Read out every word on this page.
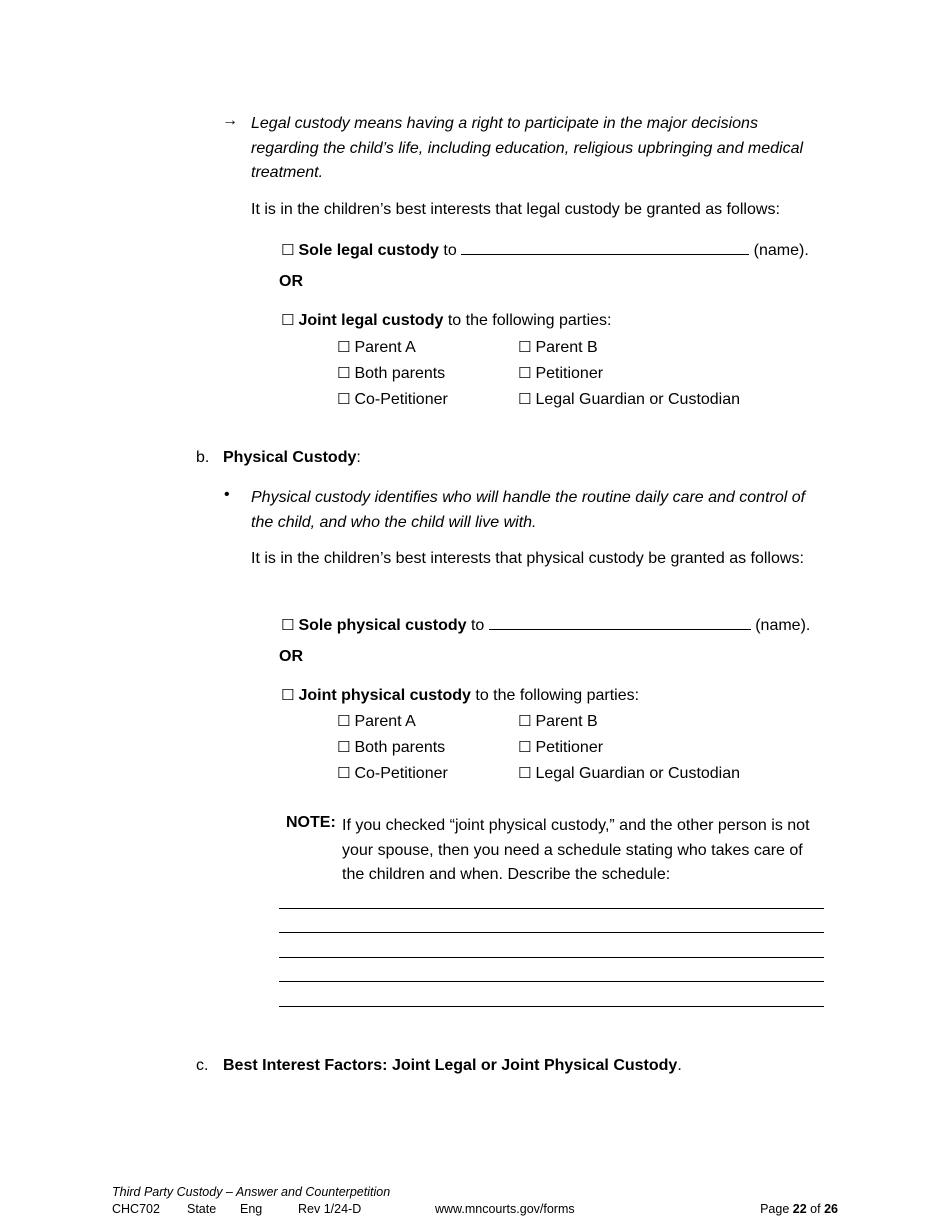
→ Legal custody means having a right to participate in the major decisions regarding the child’s life, including education, religious upbringing and medical treatment.
It is in the children’s best interests that legal custody be granted as follows:
☐ Sole legal custody to	(name).
OR
☐ Joint legal custody to the following parties:
☐ Parent A	☐ Parent B
☐ Both parents	☐ Petitioner
☐ Co-Petitioner	☐ Legal Guardian or Custodian
b. Physical Custody:
• Physical custody identifies who will handle the routine daily care and control of the child, and who the child will live with.
It is in the children’s best interests that physical custody be granted as follows:
☐ Sole physical custody to	(name).
OR
☐ Joint physical custody to the following parties:
☐ Parent A	☐ Parent B
☐ Both parents	☐ Petitioner
☐ Co-Petitioner	☐ Legal Guardian or Custodian
NOTE: If you checked “joint physical custody,” and the other person is not your spouse, then you need a schedule stating who takes care of the children and when. Describe the schedule:
c. Best Interest Factors: Joint Legal or Joint Physical Custody.
Third Party Custody – Answer and Counterpetition
CHC702 State Eng	Rev 1/24-D	www.mncourts.gov/forms	Page 22 of 26
